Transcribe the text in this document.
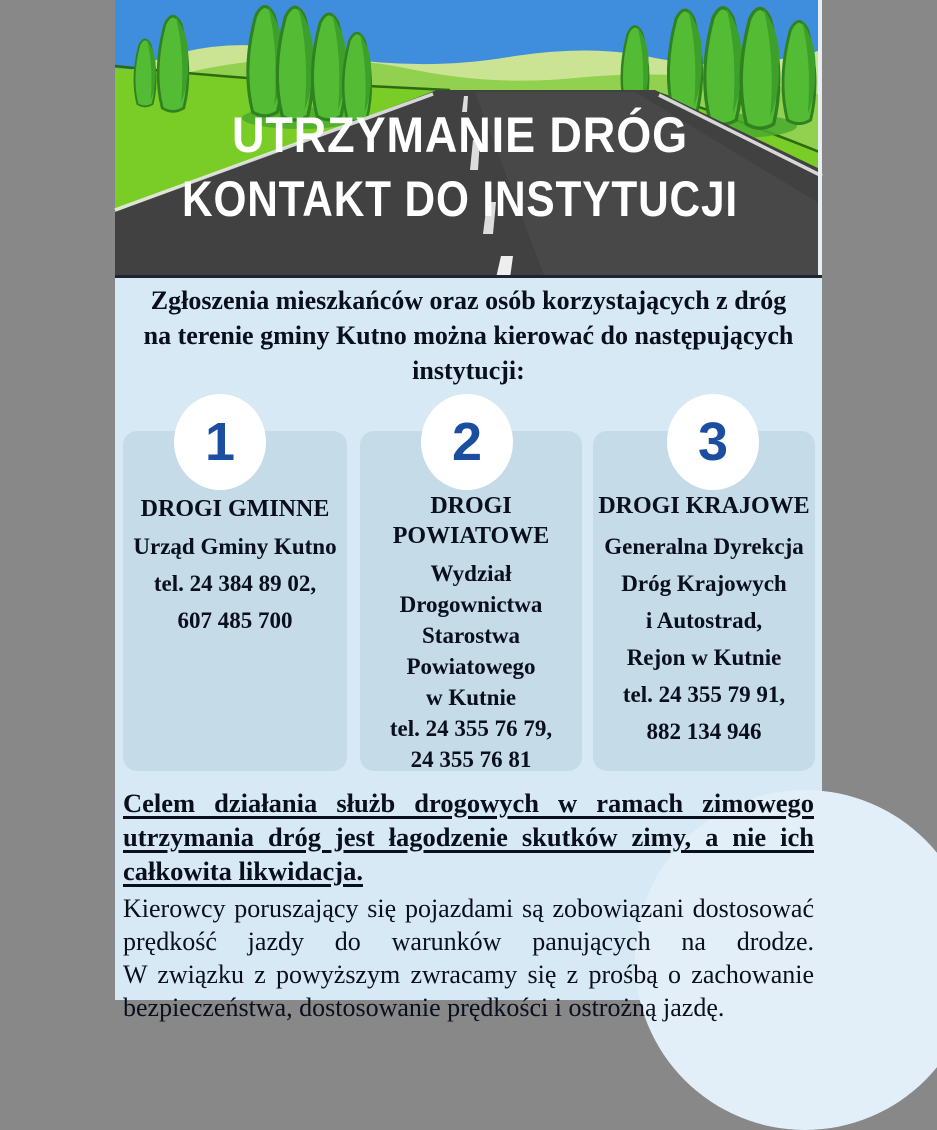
UTRZYMANIE DRÓG
KONTAKT DO INSTYTUCJI
Zgłoszenia mieszkańców oraz osób korzystających z dróg
na terenie gminy Kutno można kierować do następujących instytucji:
1	2	3
DROGI GMINNE
Urząd Gminy Kutno
tel. 24 384 89 02,
607 485 700
DROGI
POWIATOWE
Wydział
Drogownictwa
Starostwa
Powiatowego
w Kutnie
tel. 24 355 76 79,
24 355 76 81
DROGI KRAJOWE
Generalna Dyrekcja
Dróg Krajowych
i Autostrad,
Rejon w Kutnie
tel. 24 355 79 91,
882 134 946
Celem działania służb drogowych w ramach zimowego
utrzymania dróg jest łagodzenie skutków zimy, a nie ich
całkowita likwidacja.
Kierowcy poruszający się pojazdami są zobowiązani dostosować
prędkość jazdy do warunków panujących na drodze.
W związku z powyższym zwracamy się z prośbą o zachowanie
bezpieczeństwa, dostosowanie prędkości i ostrożną jazdę.
